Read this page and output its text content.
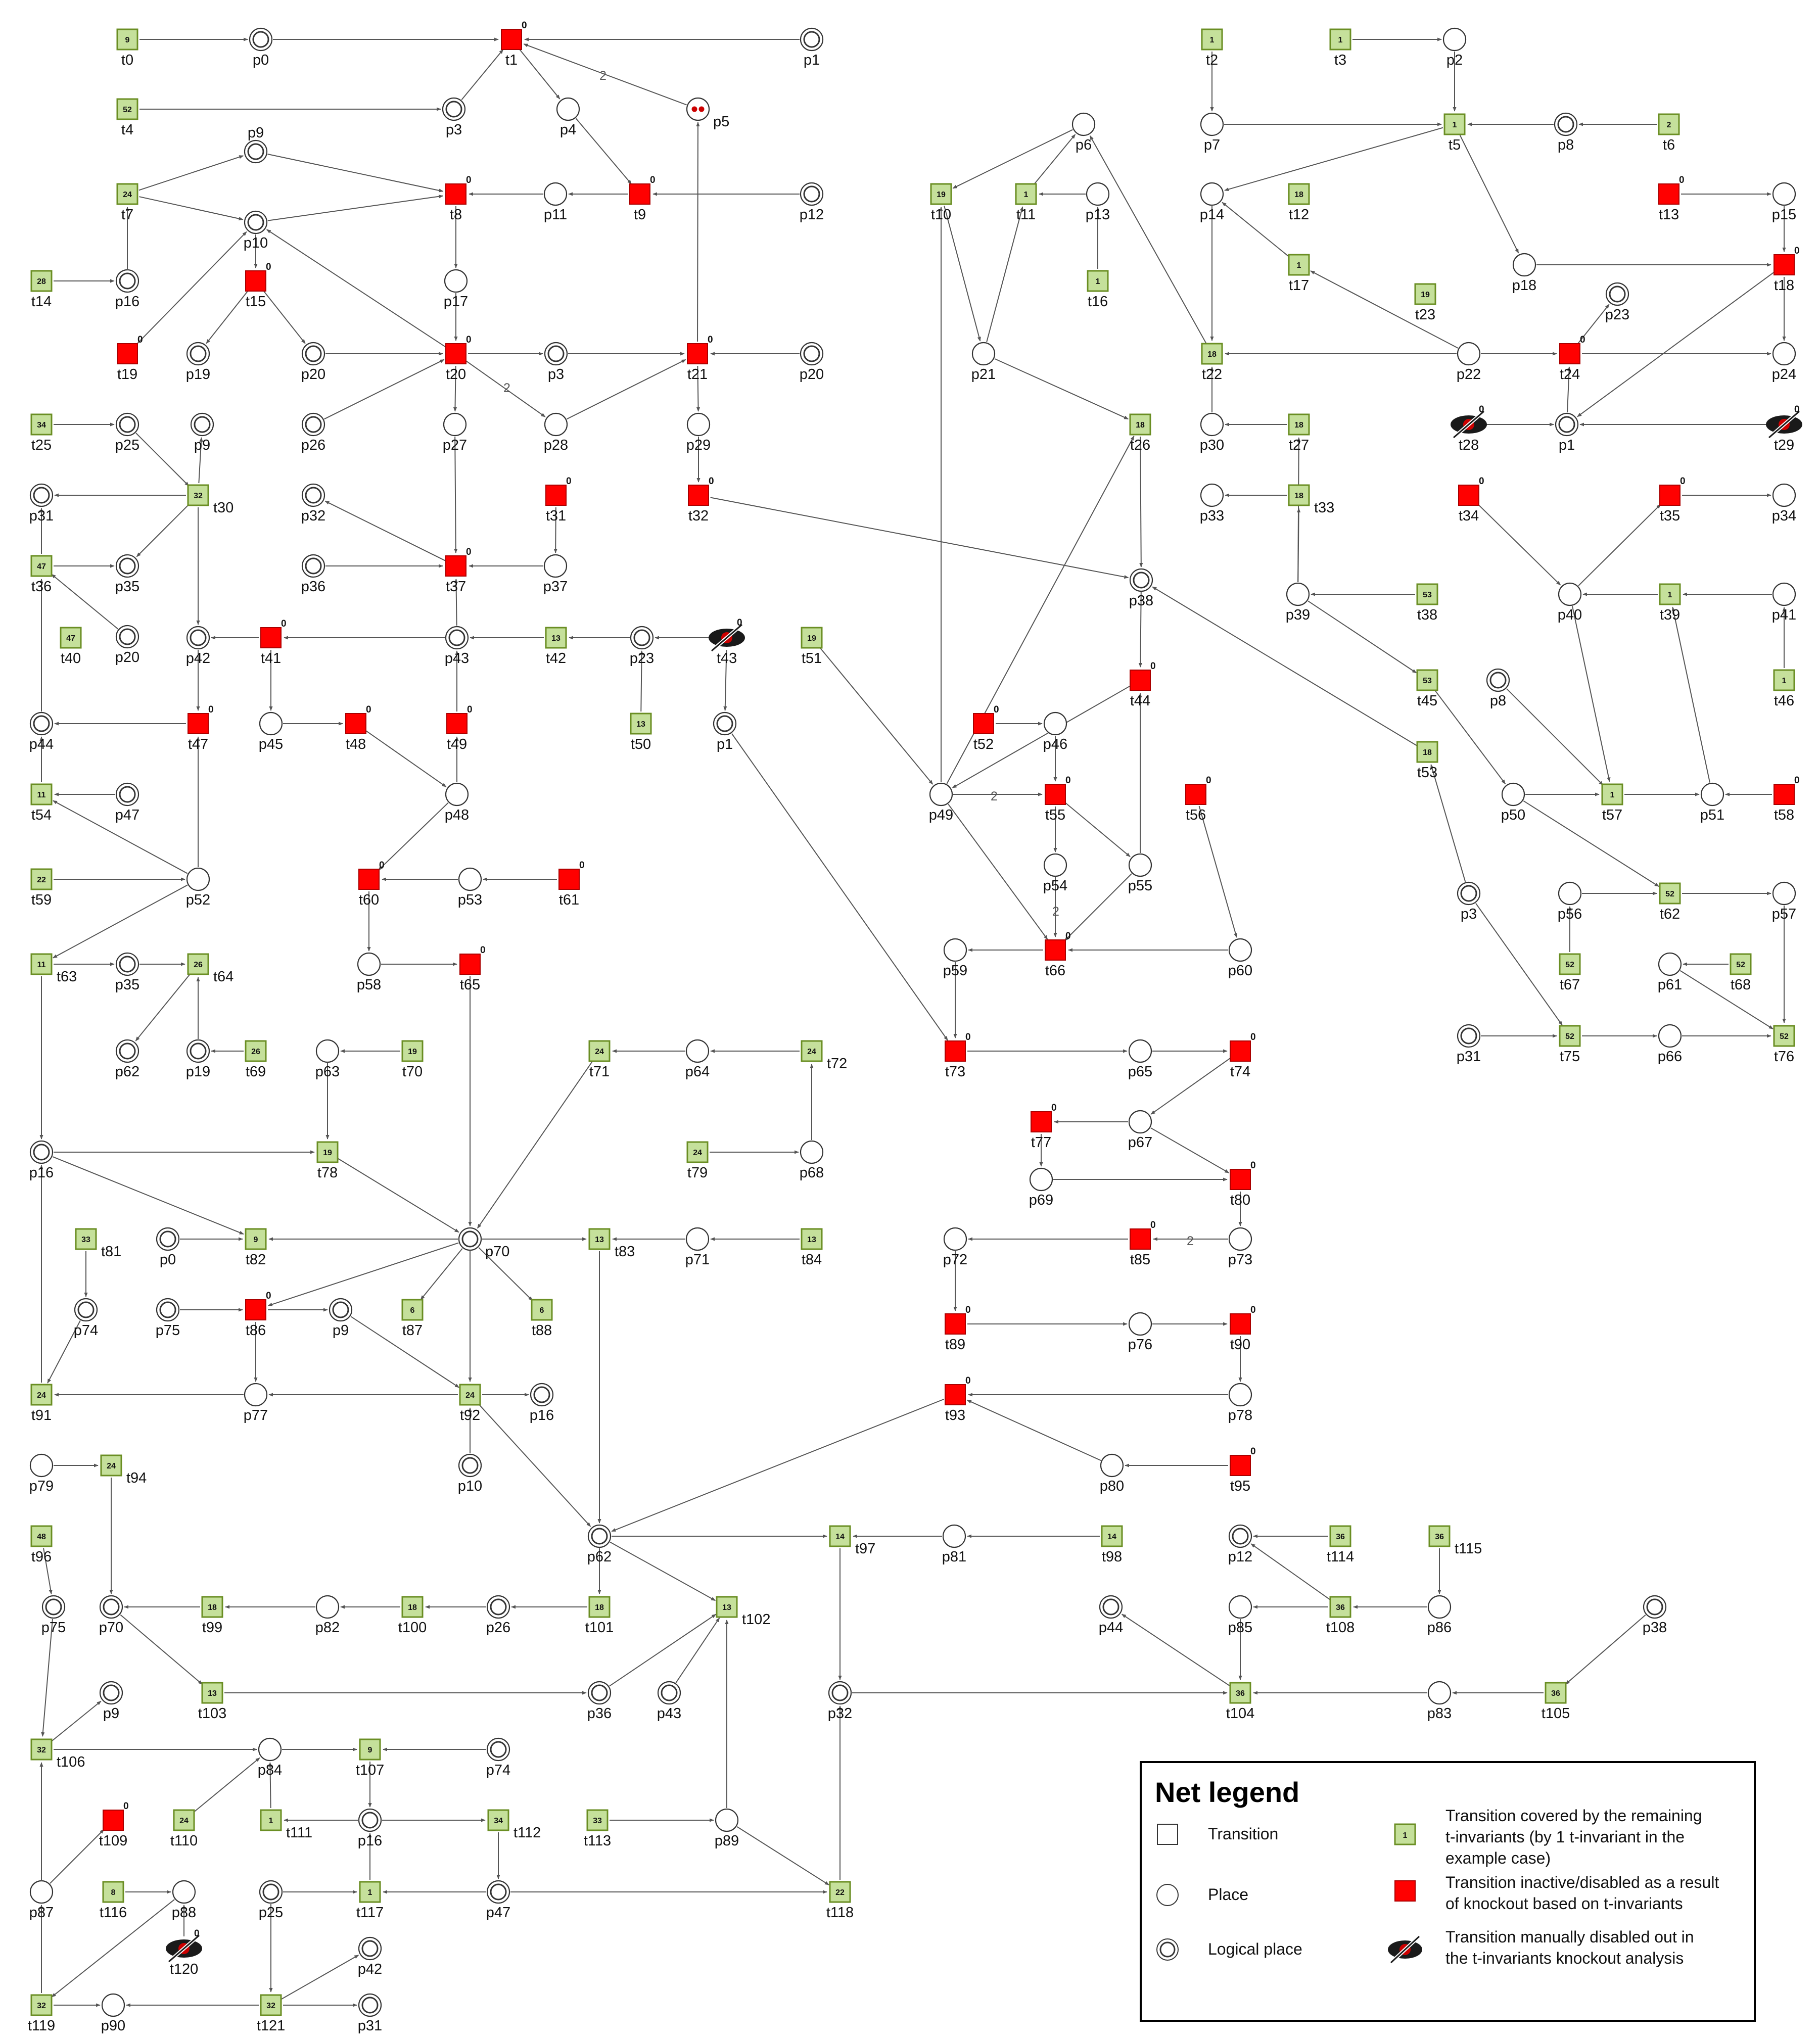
2
2
2
2
2
p0	p1
p3	p4	p5
p9
p10
p11	p12
p16	p17
p19	p20	p3	p20
p26	p27	p28	p29
p25	p9
p31
p35
p20
p32
p36	p37
p42	p43	p23
p1
p44	p45
p47	p48
p52	p53
p58
p35
p62	p19	p63	p64
p68
p16
p0	p70	p71
p74	p75	p9
p77	p16
p10
p79
p62	p81
p75 p70	p82	p26
p36	p43	p32
p9
p84
p16
p74
p89
p87	p88	p25	p47
p42
p90	p31
p2
p6	p7	p8
p13	p14	p15
p18
p21	p22
p23
p24
p30	p1
p33	p34
p38
p39	p40	p41
p8
p46
p49	p50	p51
p54	p55
p3	p56	p57
p59	p60
p61
p31	p66
p65
p67
p69
p72	p73
p76
p78
p80
p12
p44	p85	p86	p38
p83
9
t0
0
t1
52
t4
24
t7
0
t8
0
t9
28
t14
0
t15
0
t19
0
t20
0
t21
34
t25
32
t30
0
t31
0
t32
47
t36
0
t37
47
t40
0
t41
13
t42
0
t43
0
t47
0
t48
0
t49
13
t50
19
t51
11
t54
22
t59
0
t60
0
t61
11
t63
26
t64
0
t65
26
t69
19
t70
24
t71
24
t72
19
t78
24
t79
33
t81
9
t82
13
t83
13
t84
0
t86
6
t87
6
t88
24
t91
24
t92
24
t94
48
t96
14
t97
14
t98
18
t99
18
t100
18
t101
13
t102
13
t103
32
t106
9
t107
0
t109
24
t110
1
t111
34
t112
33
t113
8
t116
1
t117
22
t118
32
t119
0
t120
32
t121
1
t2
1
t3
1
t5
2
t6
19
t10
1
t11
18
t12
0
t13
1
t16
1
t17
0
t18
18
t22
19
t23
0
t24
18
t26
18
t27
0
t28
0
t29
18
t33
0
t34
0
t35
53
t38
1
t39
0
t44
53
t45
1
t46
0
t52
18
t53
0
t55
0
t56
1
t57
0
t58
52
t62
0
t66	52
t67
52
t68
0
t73
0
t74
52
t75
52
t76
0
t77
0
t80
0
t85
0
t89
0
t90
0
t93
0
t95
36
t104
36
t105
36
t108
36
t114
36
t115
Net legend
Transition
Place
Logical place
1
Transition covered by the remaining
t-invariants (by 1 t-invariant in the
example case)
Transition inactive/disabled as a result
of knockout based on t-invariants
Transition manually disabled out in
the t-invariants knockout analysis
